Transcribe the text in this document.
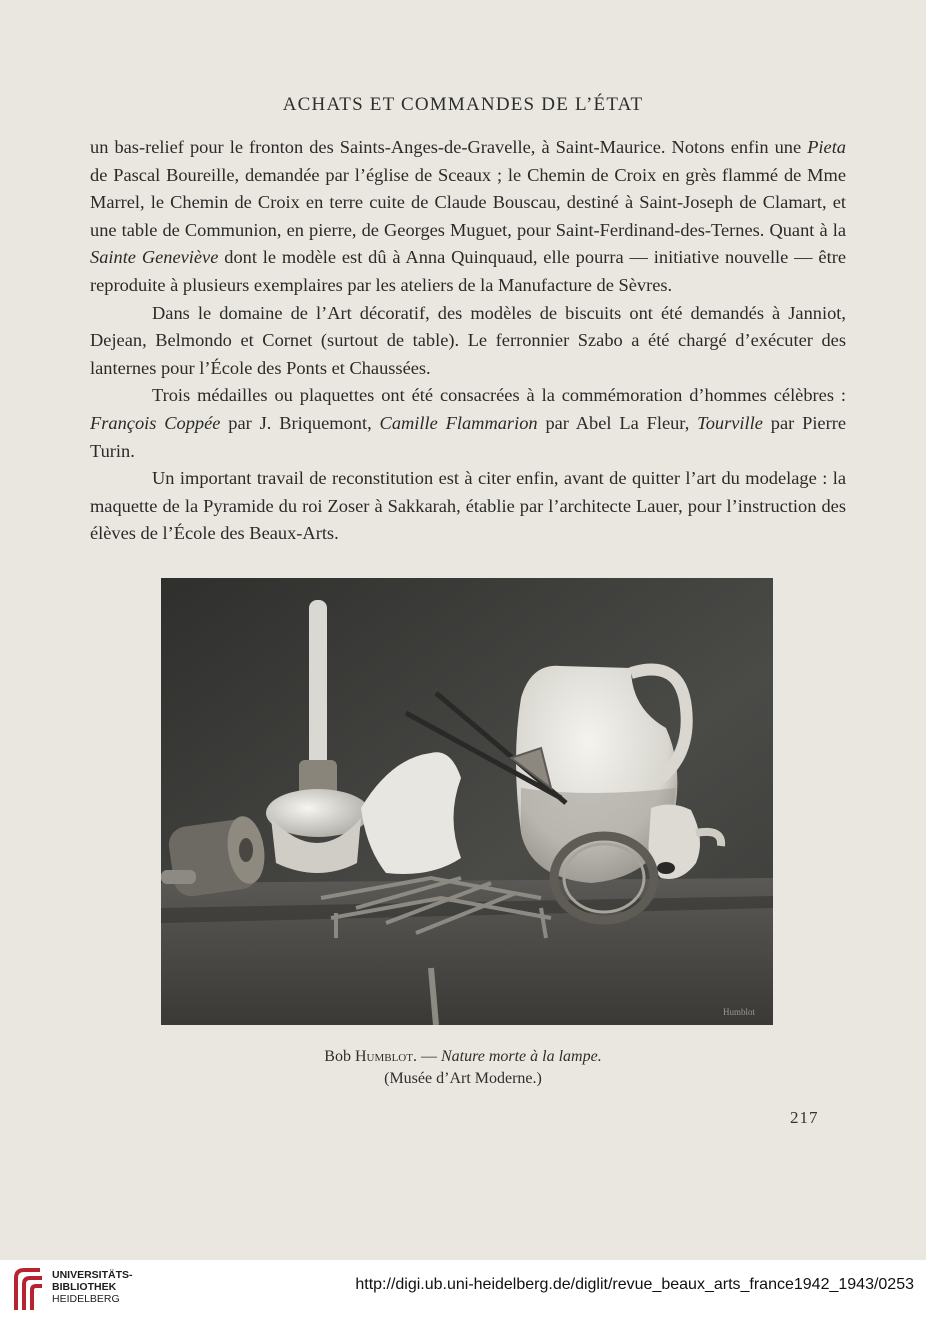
ACHATS ET COMMANDES DE L’ÉTAT

un bas-relief pour le fronton des Saints-Anges-de-Gravelle, à Saint-Maurice. Notons enfin une Pieta de Pascal Boureille, demandée par l’église de Sceaux ; le Chemin de Croix en grès flammé de Mme Marrel, le Chemin de Croix en terre cuite de Claude Bouscau, destiné à Saint-Joseph de Clamart, et une table de Communion, en pierre, de Georges Muguet, pour Saint-Ferdinand-des-Ternes. Quant à la Sainte Geneviève dont le modèle est dû à Anna Quinquaud, elle pourra — initiative nouvelle — être reproduite à plusieurs exemplaires par les ateliers de la Manufacture de Sèvres.

Dans le domaine de l’Art décoratif, des modèles de biscuits ont été demandés à Janniot, Dejean, Belmondo et Cornet (surtout de table). Le ferronnier Szabo a été chargé d’exécuter des lanternes pour l’École des Ponts et Chaussées.

Trois médailles ou plaquettes ont été consacrées à la commémoration d’hommes célèbres : François Coppée par J. Briquemont, Camille Flammarion par Abel La Fleur, Tourville par Pierre Turin.

Un important travail de reconstitution est à citer enfin, avant de quitter l’art du modelage : la maquette de la Pyramide du roi Zoser à Sakkarah, établie par l’architecte Lauer, pour l’instruction des élèves de l’École des Beaux-Arts.

Humblot
Bob Humblot. — Nature morte à la lampe.
(Musée d’Art Moderne.)
217
UNIVERSITÄTS-
BIBLIOTHEK
HEIDELBERG
http://digi.ub.uni-heidelberg.de/diglit/revue_beaux_arts_france1942_1943/0253
